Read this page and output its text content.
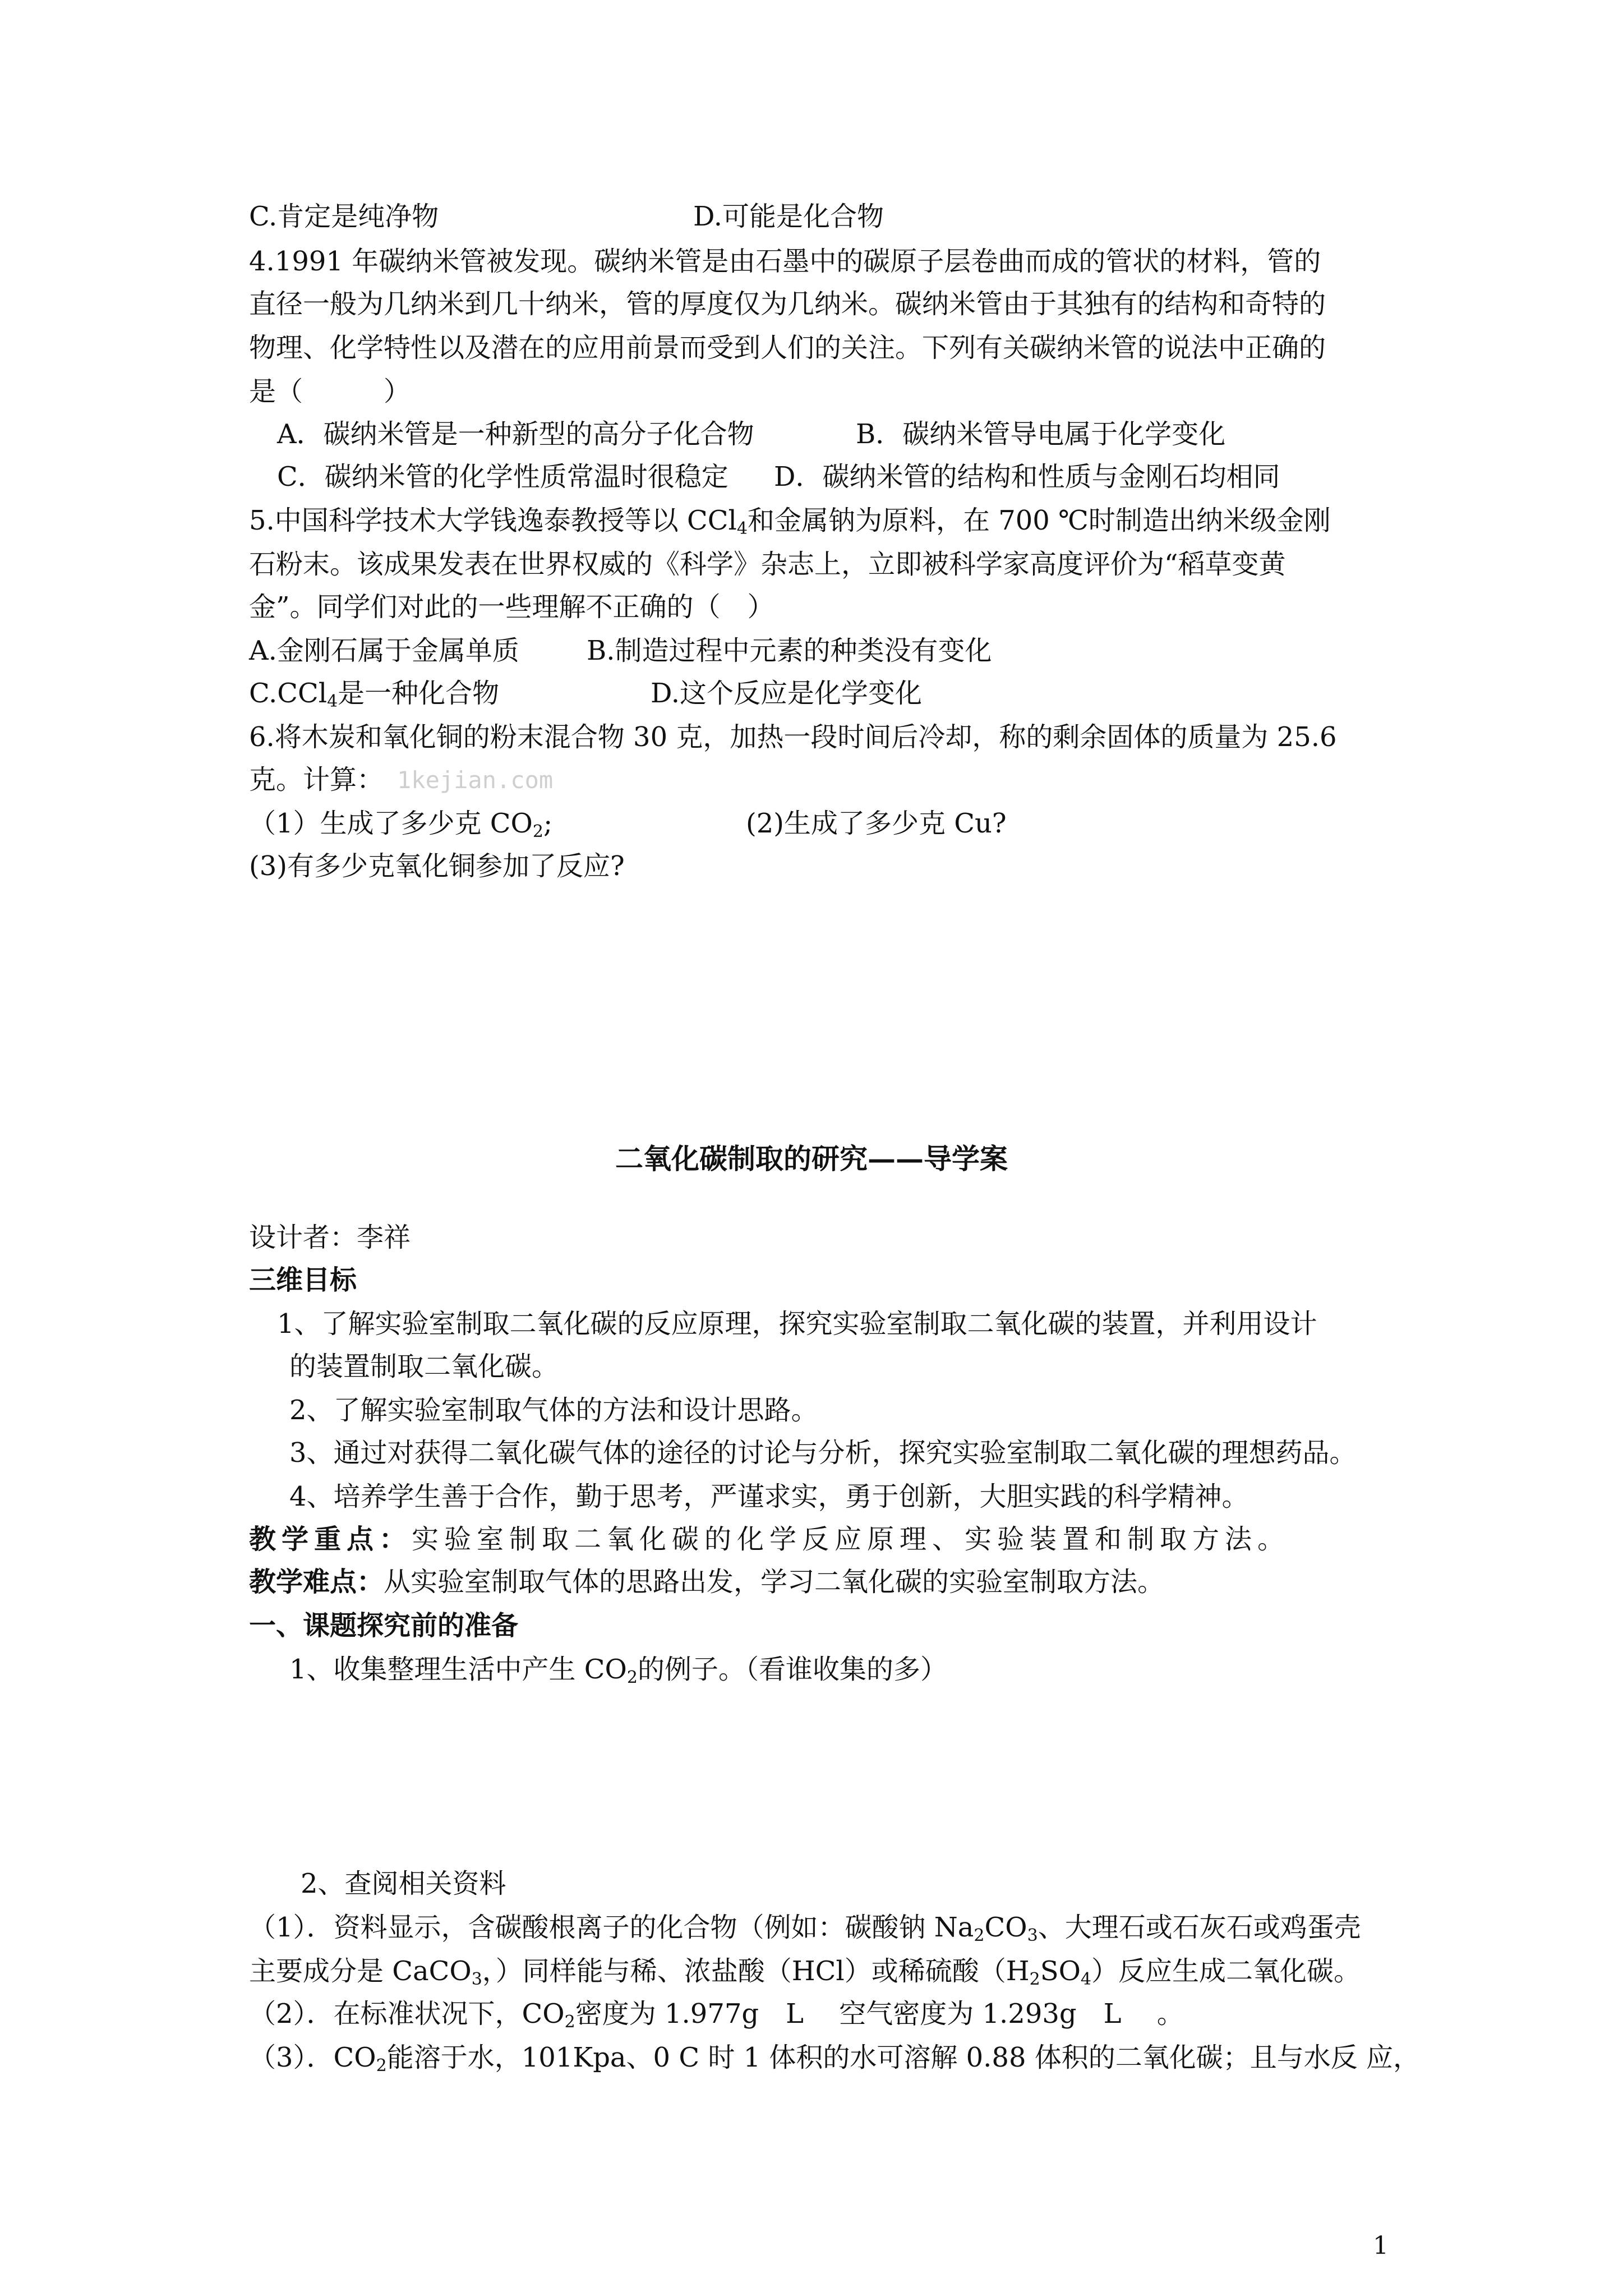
C.肯定是纯净物	D.可能是化合物
4.1991 年碳纳米管被发现。碳纳米管是由石墨中的碳原子层卷曲而成的管状的材料，管的
直径一般为几纳米到几十纳米，管的厚度仅为几纳米。碳纳米管由于其独有的结构和奇特的
物理、化学特性以及潜在的应用前景而受到人们的关注。下列有关碳纳米管的说法中正确的
是（　　　）
A．碳纳米管是一种新型的高分子化合物	B．碳纳米管导电属于化学变化
C．碳纳米管的化学性质常温时很稳定 D．碳纳米管的结构和性质与金刚石均相同
5.中国科学技术大学钱逸泰教授等以 CCl$_4$和金属钠为原料，在 700 ℃时制造出纳米级金刚
石粉末。该成果发表在世界权威的《科学》杂志上，立即被科学家高度评价为“稻草变黄
金”。同学们对此的一些理解不正确的（　）
A.金刚石属于金属单质	B.制造过程中元素的种类没有变化
C.CCl$_4$是一种化合物	D.这个反应是化学变化
6.将木炭和氧化铜的粉末混合物 30 克，加热一段时间后冷却，称的剩余固体的质量为 25.6
克。计算： 1kejian.com
（1）生成了多少克 $CO_2$;	(2)生成了多少克 Cu?
(3)有多少克氧化铜参加了反应?
二氧化碳制取的研究——导学案
设计者：李祥
三维目标
1、了解实验室制取二氧化碳的反应原理，探究实验室制取二氧化碳的装置，并利用设计
的装置制取二氧化碳。
2、了解实验室制取气体的方法和设计思路。
3、通过对获得二氧化碳气体的途径的讨论与分析，探究实验室制取二氧化碳的理想药品。
4、培养学生善于合作，勤于思考，严谨求实，勇于创新，大胆实践的科学精神。
教学重点：实验室制取二氧化碳的化学反应原理、实验装置和制取方法。
教学难点：从实验室制取气体的思路出发，学习二氧化碳的实验室制取方法。
一、课题探究前的准备
1、收集整理生活中产生 $CO_2$的例子。（看谁收集的多）
2、查阅相关资料
（1）．资料显示，含碳酸根离子的化合物（例如：碳酸钠 $Na_2CO_3$、大理石或石灰石或鸡蛋壳
主要成分是 CaCO$_3$，）同样能与稀、浓盐酸（HCl）或稀硫酸$(H_2SO_4)$反应生成二氧化碳。
（2）．在标准状况下，$CO_2$密度为 1.977g　L　 空气密度为 1.293g　L　 。
（3）．$CO_2$能溶于水，101Kpa、0 C 时 1 体积的水可溶解 0.88 体积的二氧化碳；且与水反 应，
1
